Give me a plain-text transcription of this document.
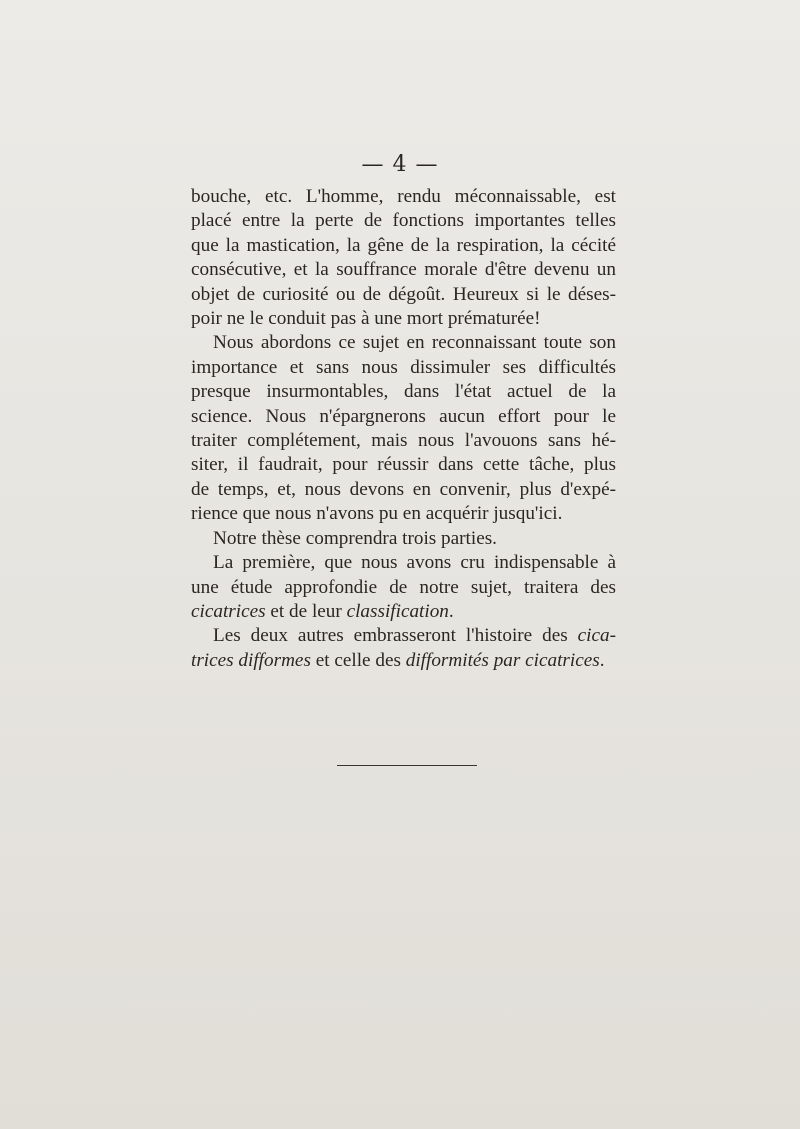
— 4 —

bouche, etc. L'homme, rendu méconnaissable, est
placé entre la perte de fonctions importantes telles
que la mastication, la gêne de la respiration, la cécité
consécutive, et la souffrance morale d'être devenu un
objet de curiosité ou de dégoût. Heureux si le déses-
poir ne le conduit pas à une mort prématurée!

Nous abordons ce sujet en reconnaissant toute son
importance et sans nous dissimuler ses difficultés
presque insurmontables, dans l'état actuel de la
science. Nous n'épargnerons aucun effort pour le
traiter complétement, mais nous l'avouons sans hé-
siter, il faudrait, pour réussir dans cette tâche, plus
de temps, et, nous devons en convenir, plus d'expé-
rience que nous n'avons pu en acquérir jusqu'ici.

Notre thèse comprendra trois parties.

La première, que nous avons cru indispensable à
une étude approfondie de notre sujet, traitera des
cicatrices et de leur classification.

Les deux autres embrasseront l'histoire des cica-
trices difformes et celle des difformités par cicatrices.
